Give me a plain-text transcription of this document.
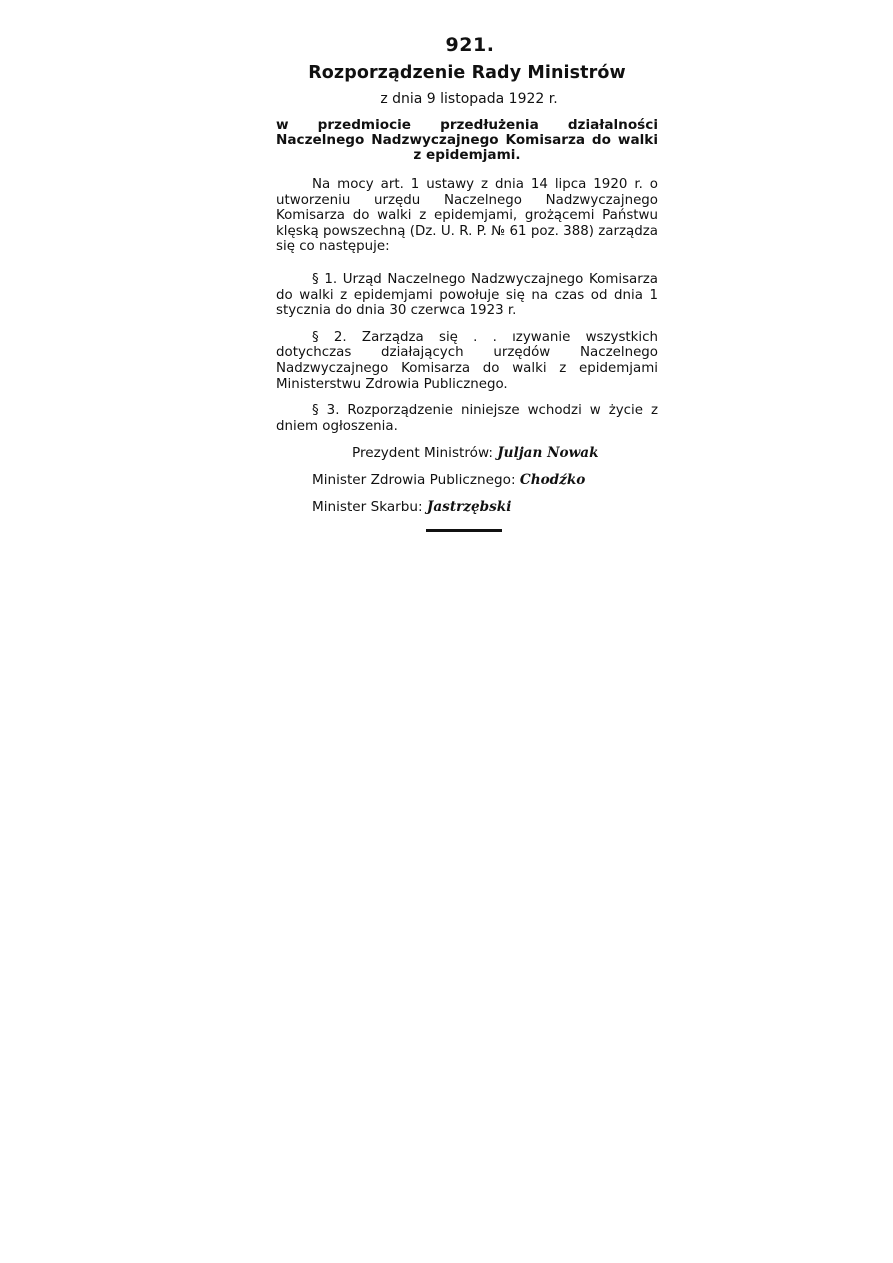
921.
Rozporządzenie Rady Ministrów
z dnia 9 listopada 1922 r.
w przedmiocie przedłużenia działalności Naczelnego Nadzwyczajnego Komisarza do walki z epidemjami.

Na mocy art. 1 ustawy z dnia 14 lipca 1920 r. o utworzeniu urzędu Naczelnego Nadzwyczajnego Komisarza do walki z epidemjami, grożącemi Państwu klęską powszechną (Dz. U. R. P. № 61 poz. 388) zarządza się co następuje:

§ 1. Urząd Naczelnego Nadzwyczajnego Komisarza do walki z epidemjami powołuje się na czas od dnia 1 stycznia do dnia 30 czerwca 1923 r.

§ 2. Zarządza się . . ızywanie wszystkich dotychczas działających urzędów Naczelnego Nadzwyczajnego Komisarza do walki z epidemjami Ministerstwu Zdrowia Publicznego.

§ 3. Rozporządzenie niniejsze wchodzi w życie z dniem ogłoszenia.

Prezydent Ministrów: Juljan Nowak
Minister Zdrowia Publicznego: Chodźko
Minister Skarbu: Jastrzębski
